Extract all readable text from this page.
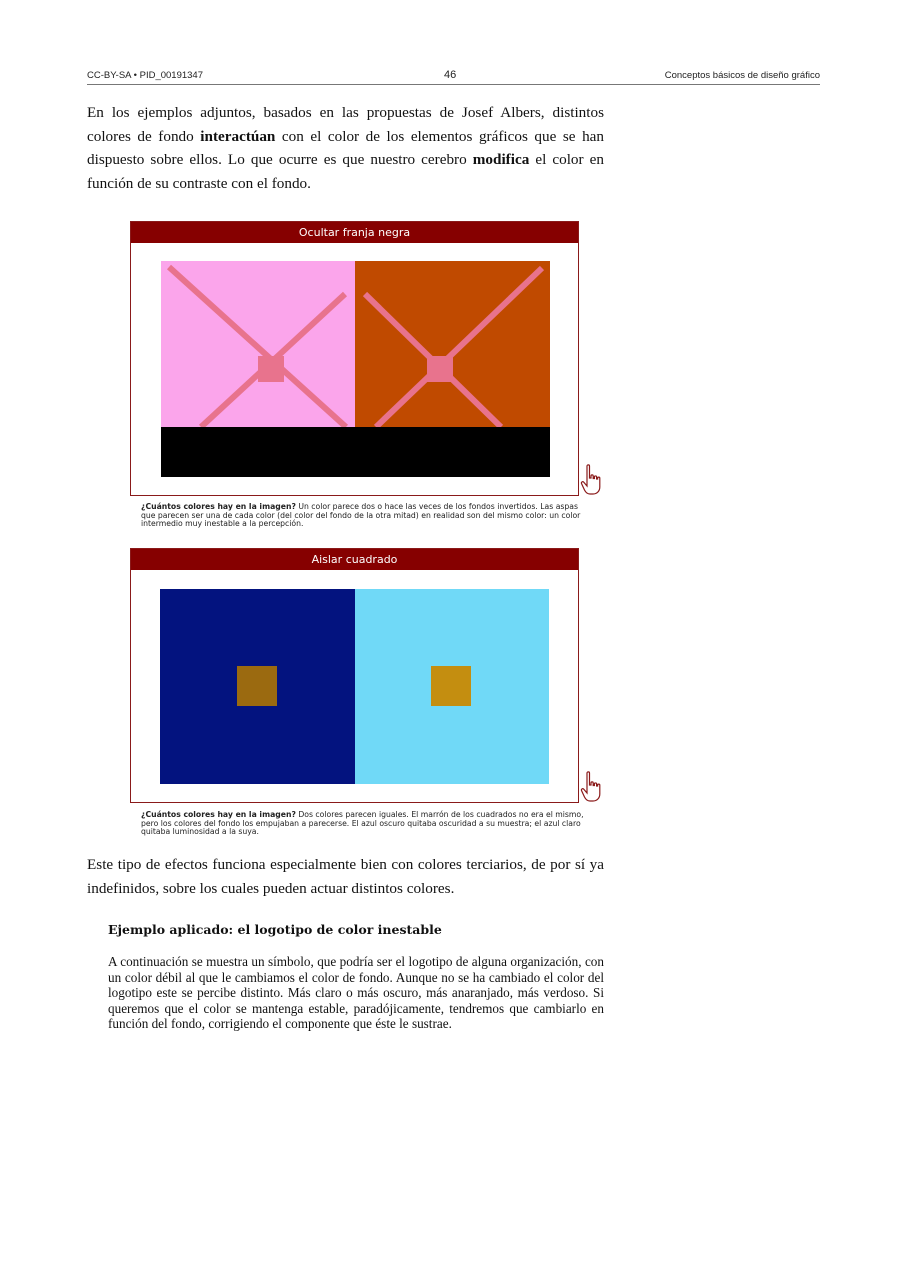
CC-BY-SA • PID_00191347	46	Conceptos básicos de diseño gráfico
En los ejemplos adjuntos, basados en las propuestas de Josef Albers, distintos colores de fondo interactúan con el color de los elementos gráficos que se han dispuesto sobre ellos. Lo que ocurre es que nuestro cerebro modifica el color en función de su contraste con el fondo.
Ocultar franja negra
¿Cuántos colores hay en la imagen? Un color parece dos o hace las veces de los fondos invertidos. Las aspas que parecen ser una de cada color (del color del fondo de la otra mitad) en realidad son del mismo color: un color intermedio muy inestable a la percepción.
Aislar cuadrado
¿Cuántos colores hay en la imagen? Dos colores parecen iguales. El marrón de los cuadrados no era el mismo, pero los colores del fondo los empujaban a parecerse. El azul oscuro quitaba oscuridad a su muestra; el azul claro quitaba luminosidad a la suya.
Este tipo de efectos funciona especialmente bien con colores terciarios, de por sí ya indefinidos, sobre los cuales pueden actuar distintos colores.
Ejemplo aplicado: el logotipo de color inestable
A continuación se muestra un símbolo, que podría ser el logotipo de alguna organización, con un color débil al que le cambiamos el color de fondo. Aunque no se ha cambiado el color del logotipo este se percibe distinto. Más claro o más oscuro, más anaranjado, más verdoso. Si queremos que el color se mantenga estable, paradójicamente, tendremos que cambiarlo en función del fondo, corrigiendo el componente que éste le sustrae.
